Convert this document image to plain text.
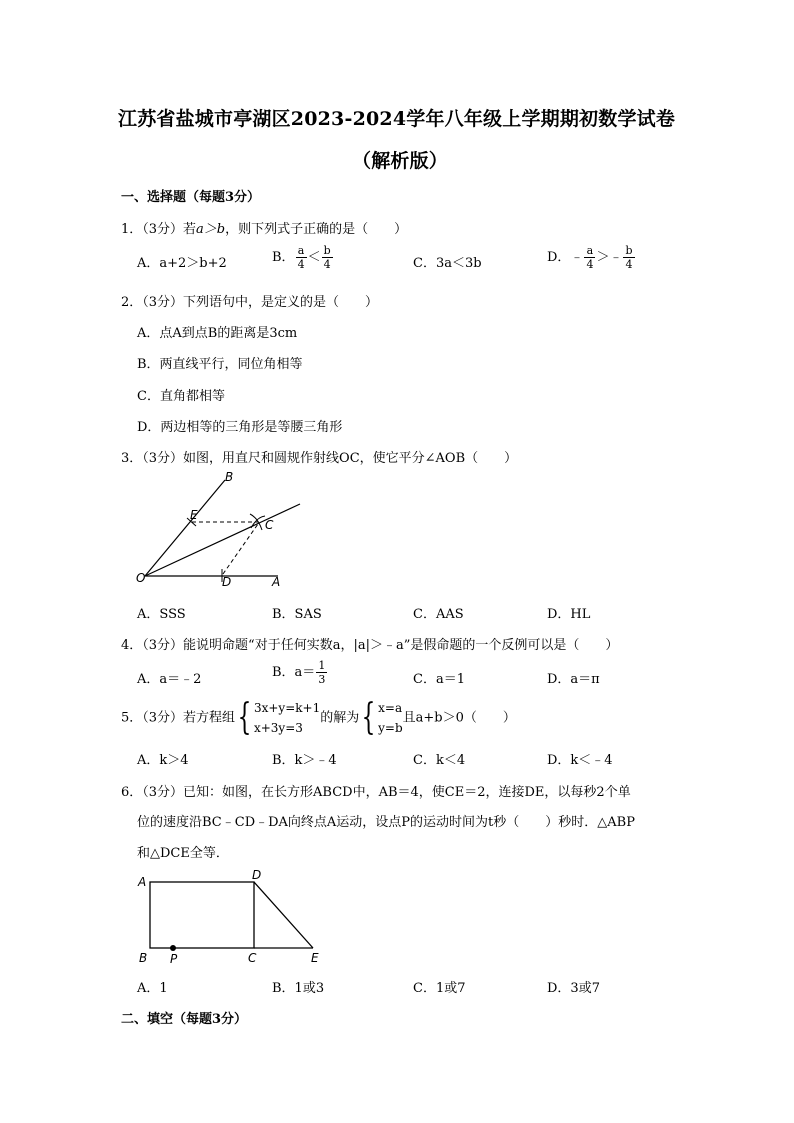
江苏省盐城市亭湖区2023-2024学年八年级上学期期初数学试卷
（解析版）
一、选择题（每题3分）
1．（3分）若a＞b，则下列式子正确的是（　　）
A．a+2＞b+2	B． $\frac{a}{4} < \frac{b}{4}$	C．3a＜3b	D．﹣ $\frac{a}{4}$ ＞﹣ $\frac{b}{4}$
2．（3分）下列语句中，是定义的是（　　）
A．点A到点B的距离是3cm
B．两直线平行，同位角相等
C．直角都相等
D．两边相等的三角形是等腰三角形
3．（3分）如图，用直尺和圆规作射线OC，使它平分∠AOB（　　）
B
E
C
O	D	A
A．SSS	B．SAS	C．AAS	D．HL
4．（3分）能说明命题“对于任何实数a，|a|＞﹣a”是假命题的一个反例可以是（　　）
A．a＝﹣2	B．$a= \frac{1}{3}$	C．a＝1	D．a＝π
5．（3分）若方程组{ 3x+y=k+1
x+3y=3
的解为{ x=a
y=b
且a+b＞0（　　）
A．k＞4	B．k＞﹣4	C．k＜4	D．k＜﹣4
6．（3分）已知：如图，在长方形ABCD中，AB＝4，使CE＝2，连接DE，以每秒2个单
位的速度沿BC﹣CD﹣DA向终点A运动，设点P的运动时间为t秒（　　）秒时．△ABP
和△DCE全等．
A	D
B P	C	E
A．1	B．1或3	C．1或7	D．3或7
二、填空（每题3分）
